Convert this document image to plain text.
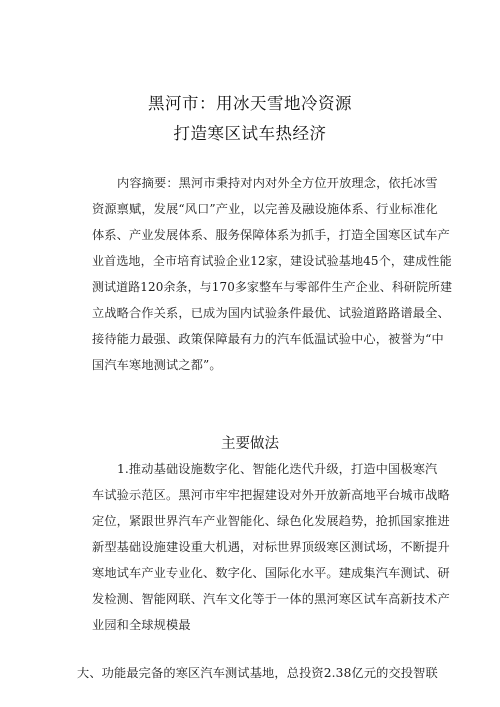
黑河市：用冰天雪地冷资源
打造寒区试车热经济
内容摘要：黑河市秉持对内对外全方位开放理念，依托冰雪
资源禀赋，发展“风口”产业，以完善及融设施体系、行业标准化
体系、产业发展体系、服务保障体系为抓手，打造全国寒区试车产
业首选地，全市培育试验企业12家，建设试验基地45个，建成性能
测试道路120余条，与170多家整车与零部件生产企业、科研院所建
立战略合作关系，已成为国内试验条件最优、试验道路路谱最全、
接待能力最强、政策保障最有力的汽车低温试验中心，被誉为“中
国汽车寒地测试之都”。
主要做法
1.推动基础设施数字化、智能化迭代升级，打造中国极寒汽
车试验示范区。黑河市牢牢把握建设对外开放新高地平台城市战略
定位，紧跟世界汽车产业智能化、绿色化发展趋势，抢抓国家推进
新型基础设施建设重大机遇，对标世界顶级寒区测试场，不断提升
寒地试车产业专业化、数字化、国际化水平。建成集汽车测试、研
发检测、智能网联、汽车文化等于一体的黑河寒区试车高新技术产
业园和全球规模最
大、功能最完备的寒区汽车测试基地，总投资2.38亿元的交投智联
